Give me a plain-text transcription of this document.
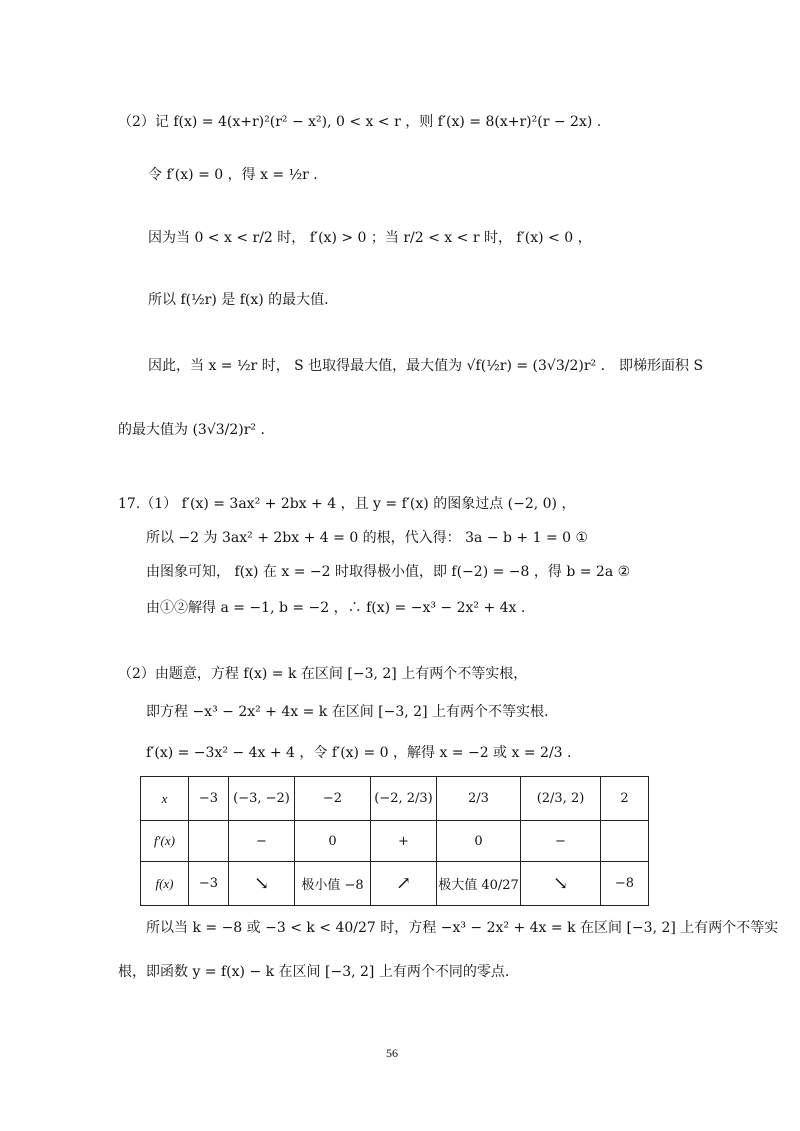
（2）记 f(x) = 4(x+r)²(r² − x²), 0 < x < r ，则 f′(x) = 8(x+r)²(r − 2x) .
令 f′(x) = 0 ，得 x = ½r .
因为当 0 < x < r/2 时， f′(x) > 0 ；当 r/2 < x < r 时， f′(x) < 0 ，
所以 f(½r) 是 f(x) 的最大值.
因此，当 x = ½r 时， S 也取得最大值，最大值为 √f(½r) = (3√3/2)r² ． 即梯形面积 S
的最大值为 (3√3/2)r² .
17.（1） f′(x) = 3ax² + 2bx + 4 ，且 y = f′(x) 的图象过点 (−2, 0) ，
所以 −2 为 3ax² + 2bx + 4 = 0 的根，代入得： 3a − b + 1 = 0 ①
由图象可知， f(x) 在 x = −2 时取得极小值，即 f(−2) = −8 ，得 b = 2a ②
由①②解得 a = −1, b = −2 ，∴ f(x) = −x³ − 2x² + 4x .
（2）由题意，方程 f(x) = k 在区间 [−3, 2] 上有两个不等实根，
即方程 −x³ − 2x² + 4x = k 在区间 [−3, 2] 上有两个不等实根.
f′(x) = −3x² − 4x + 4 ，令 f′(x) = 0 ，解得 x = −2 或 x = 2/3 .
x	−3	(−3, −2)	−2	(−2, 2/3)	2/3	(2/3, 2)	2
f′(x)		−	0	+	0	−	
f(x)	−3	↘	极小值 −8	↗	极大值 40/27	↘	−8
所以当 k = −8 或 −3 < k < 40/27 时，方程 −x³ − 2x² + 4x = k 在区间 [−3, 2] 上有两个不等实
根，即函数 y = f(x) − k 在区间 [−3, 2] 上有两个不同的零点.
56
